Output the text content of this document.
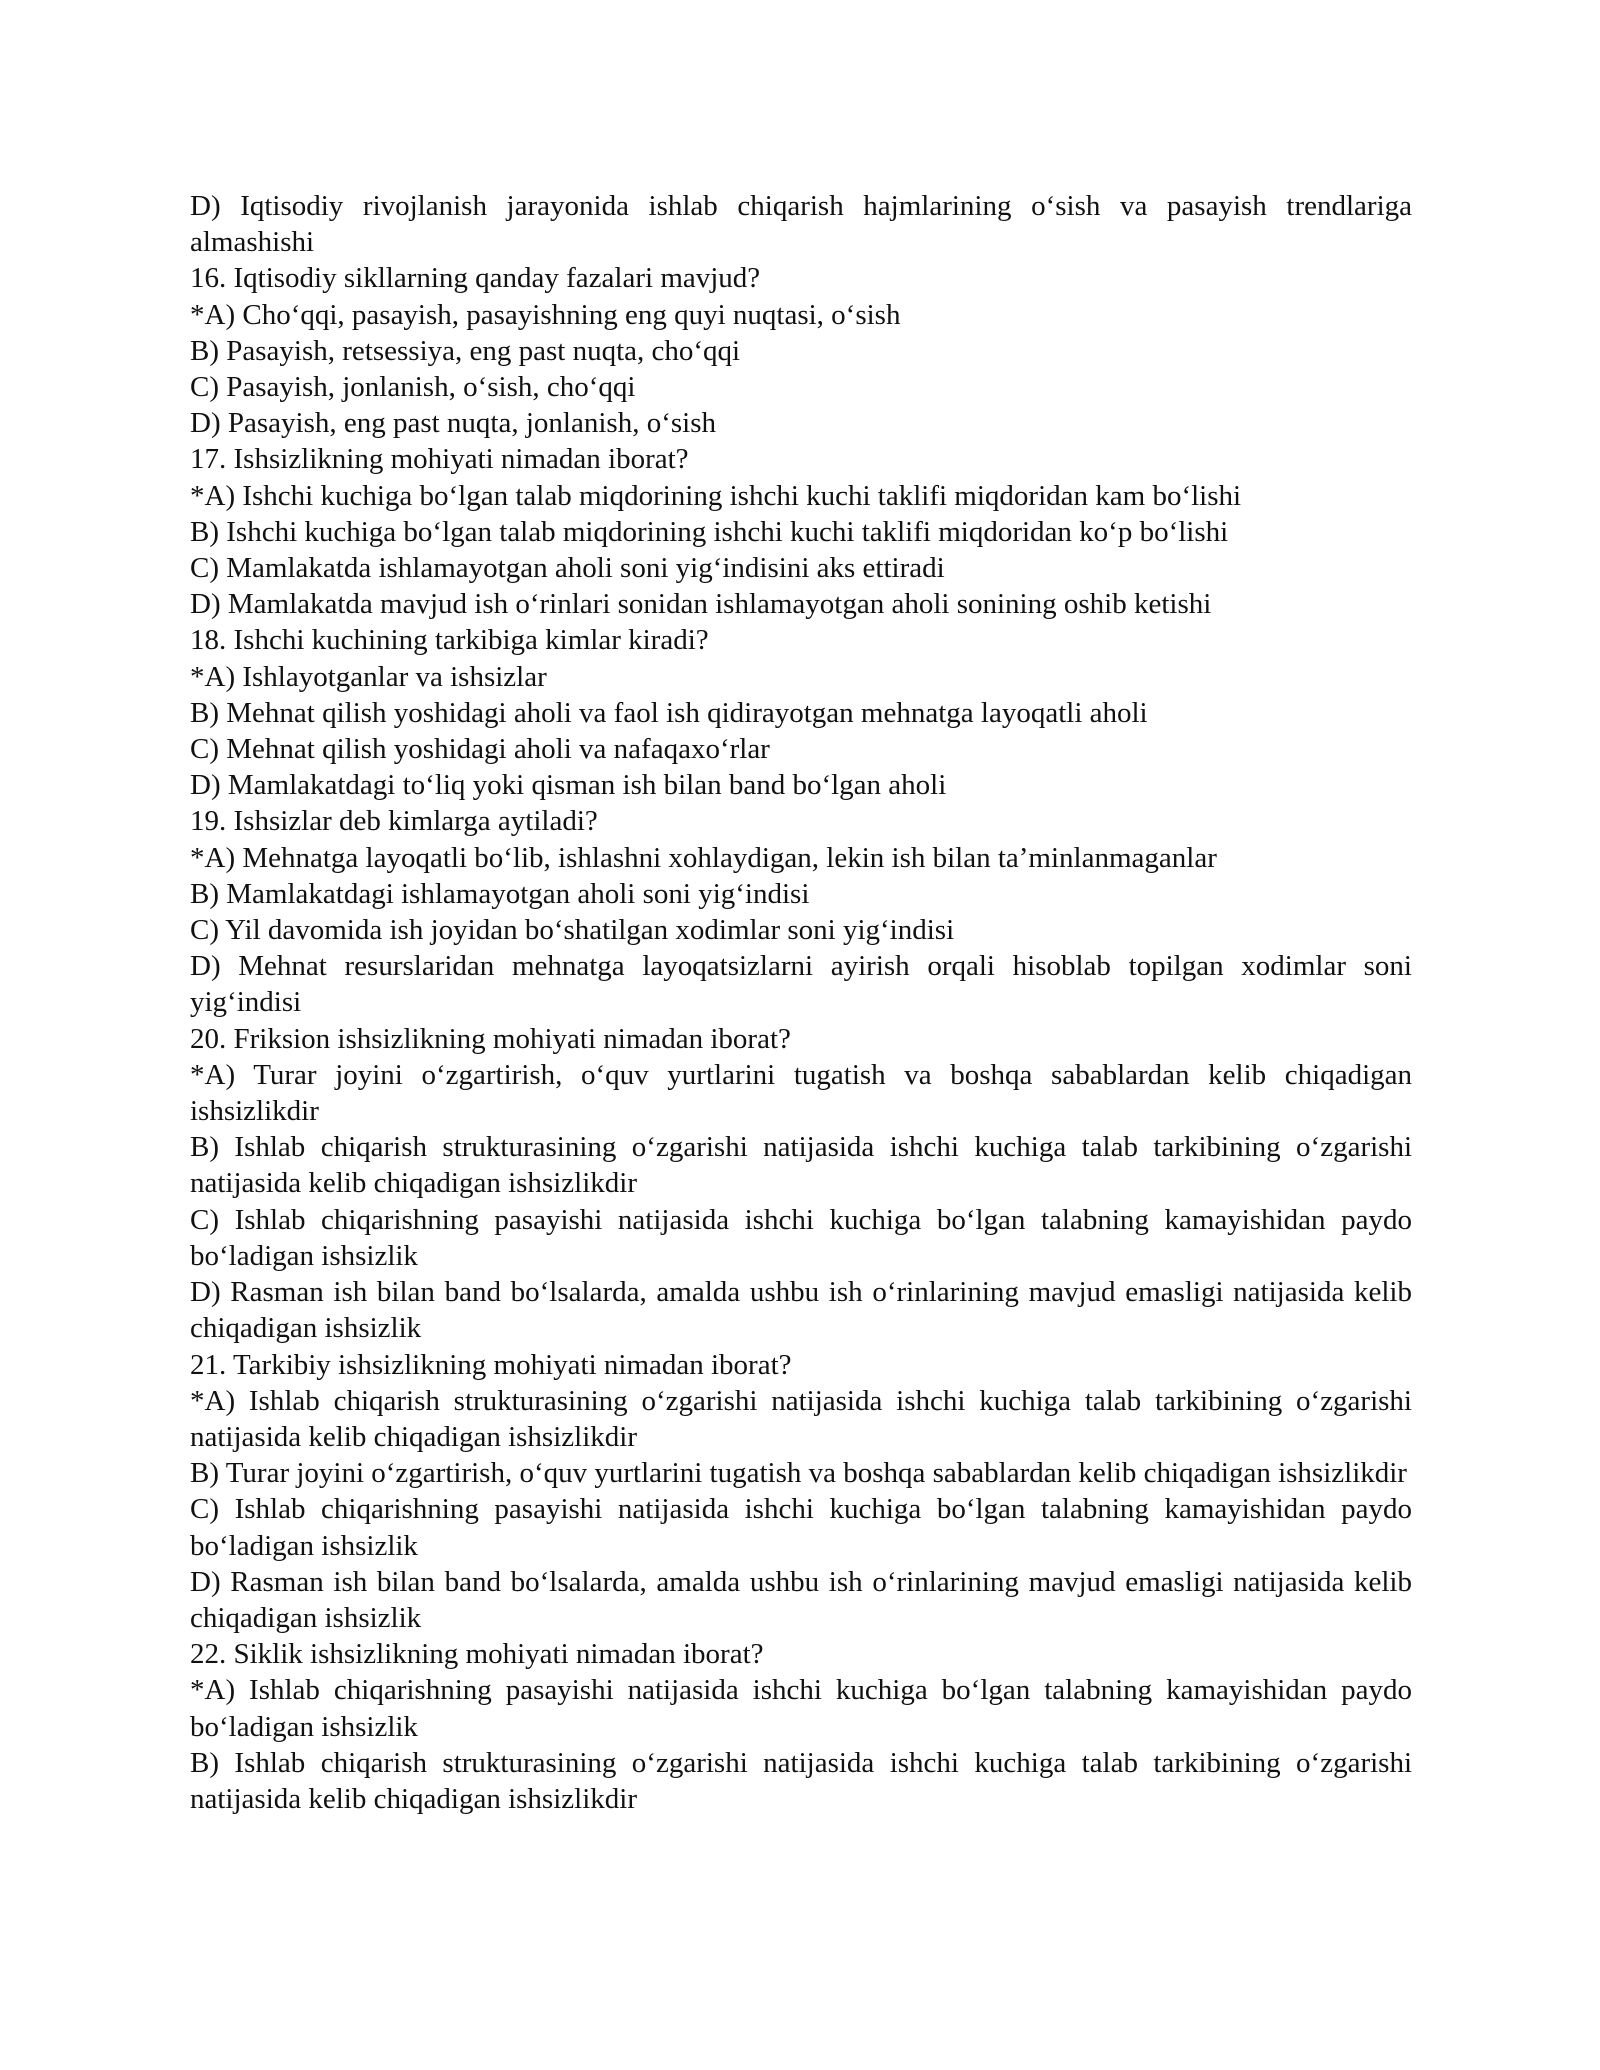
D) Iqtisodiy rivojlanish jarayonida ishlab chiqarish hajmlarining o‘sish va pasayish trendlariga almashishi

16. Iqtisodiy sikllarning qanday fazalari mavjud?

*A) Cho‘qqi, pasayish, pasayishning eng quyi nuqtasi, o‘sish

B) Pasayish, retsessiya, eng past nuqta, cho‘qqi

C) Pasayish, jonlanish, o‘sish, cho‘qqi

D) Pasayish, eng past nuqta, jonlanish, o‘sish

17. Ishsizlikning mohiyati nimadan iborat?

*A) Ishchi kuchiga bo‘lgan talab miqdorining ishchi kuchi taklifi miqdoridan kam bo‘lishi

B) Ishchi kuchiga bo‘lgan talab miqdorining ishchi kuchi taklifi miqdoridan ko‘p bo‘lishi

C) Mamlakatda ishlamayotgan aholi soni yig‘indisini aks ettiradi

D) Mamlakatda mavjud ish o‘rinlari sonidan ishlamayotgan aholi sonining oshib ketishi

18. Ishchi kuchining tarkibiga kimlar kiradi?

*A) Ishlayotganlar va ishsizlar

B) Mehnat qilish yoshidagi aholi va faol ish qidirayotgan mehnatga layoqatli aholi

C) Mehnat qilish yoshidagi aholi va nafaqaxo‘rlar

D) Mamlakatdagi to‘liq yoki qisman ish bilan band bo‘lgan aholi

19. Ishsizlar deb kimlarga aytiladi?

*A) Mehnatga layoqatli bo‘lib, ishlashni xohlaydigan, lekin ish bilan ta’minlanmaganlar

B) Mamlakatdagi ishlamayotgan aholi soni yig‘indisi

C) Yil davomida ish joyidan bo‘shatilgan xodimlar soni yig‘indisi

D) Mehnat resurslaridan mehnatga layoqatsizlarni ayirish orqali hisoblab topilgan xodimlar soni yig‘indisi

20. Friksion ishsizlikning mohiyati nimadan iborat?

*A) Turar joyini o‘zgartirish, o‘quv yurtlarini tugatish va boshqa sabablardan kelib chiqadigan ishsizlikdir

B) Ishlab chiqarish strukturasining o‘zgarishi natijasida ishchi kuchiga talab tarkibining o‘zgarishi natijasida kelib chiqadigan ishsizlikdir

C) Ishlab chiqarishning pasayishi natijasida ishchi kuchiga bo‘lgan talabning kamayishidan paydo bo‘ladigan ishsizlik

D) Rasman ish bilan band bo‘lsalarda, amalda ushbu ish o‘rinlarining mavjud emasligi natijasida kelib chiqadigan ishsizlik

21. Tarkibiy ishsizlikning mohiyati nimadan iborat?

*A) Ishlab chiqarish strukturasining o‘zgarishi natijasida ishchi kuchiga talab tarkibining o‘zgarishi natijasida kelib chiqadigan ishsizlikdir

B) Turar joyini o‘zgartirish, o‘quv yurtlarini tugatish va boshqa sabablardan kelib chiqadigan ishsizlikdir

C) Ishlab chiqarishning pasayishi natijasida ishchi kuchiga bo‘lgan talabning kamayishidan paydo bo‘ladigan ishsizlik

D) Rasman ish bilan band bo‘lsalarda, amalda ushbu ish o‘rinlarining mavjud emasligi natijasida kelib chiqadigan ishsizlik

22. Siklik ishsizlikning mohiyati nimadan iborat?

*A) Ishlab chiqarishning pasayishi natijasida ishchi kuchiga bo‘lgan talabning kamayishidan paydo bo‘ladigan ishsizlik

B) Ishlab chiqarish strukturasining o‘zgarishi natijasida ishchi kuchiga talab tarkibining o‘zgarishi natijasida kelib chiqadigan ishsizlikdir
